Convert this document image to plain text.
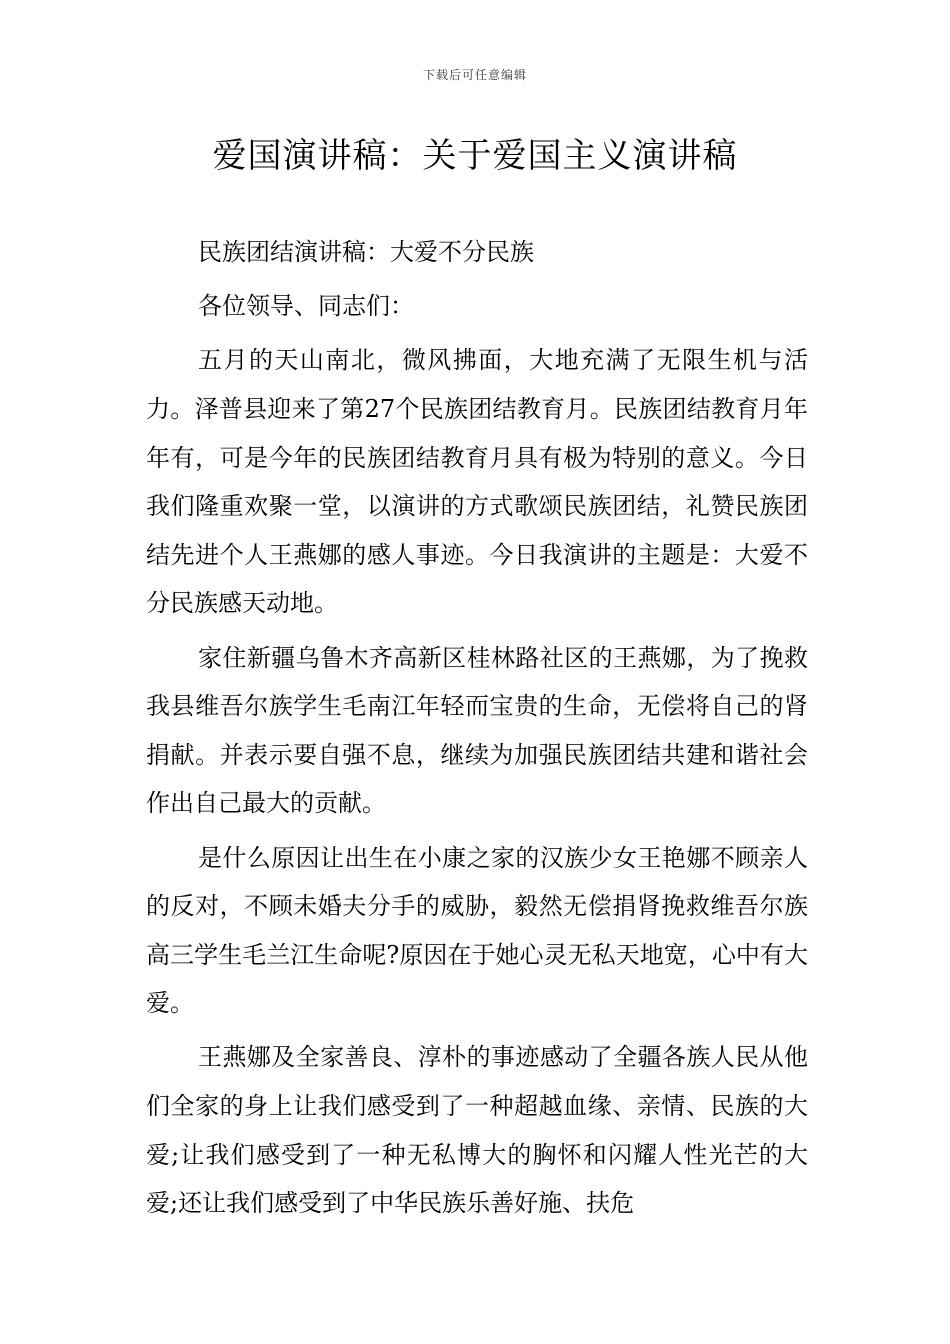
下载后可任意编辑
爱国演讲稿：关于爱国主义演讲稿

民族团结演讲稿：大爱不分民族

各位领导、同志们：

五月的天山南北，微风拂面，大地充满了无限生机与活力。泽普县迎来了第27个民族团结教育月。民族团结教育月年年有，可是今年的民族团结教育月具有极为特别的意义。今日我们隆重欢聚一堂，以演讲的方式歌颂民族团结，礼赞民族团结先进个人王燕娜的感人事迹。今日我演讲的主题是：大爱不分民族感天动地。

家住新疆乌鲁木齐高新区桂林路社区的王燕娜，为了挽救我县维吾尔族学生毛南江年轻而宝贵的生命，无偿将自己的肾捐献。并表示要自强不息，继续为加强民族团结共建和谐社会作出自己最大的贡献。

是什么原因让出生在小康之家的汉族少女王艳娜不顾亲人的反对，不顾未婚夫分手的威胁，毅然无偿捐肾挽救维吾尔族高三学生毛兰江生命呢?原因在于她心灵无私天地宽，心中有大爱。

王燕娜及全家善良、淳朴的事迹感动了全疆各族人民从他们全家的身上让我们感受到了一种超越血缘、亲情、民族的大爱;让我们感受到了一种无私博大的胸怀和闪耀人性光芒的大爱;还让我们感受到了中华民族乐善好施、扶危
